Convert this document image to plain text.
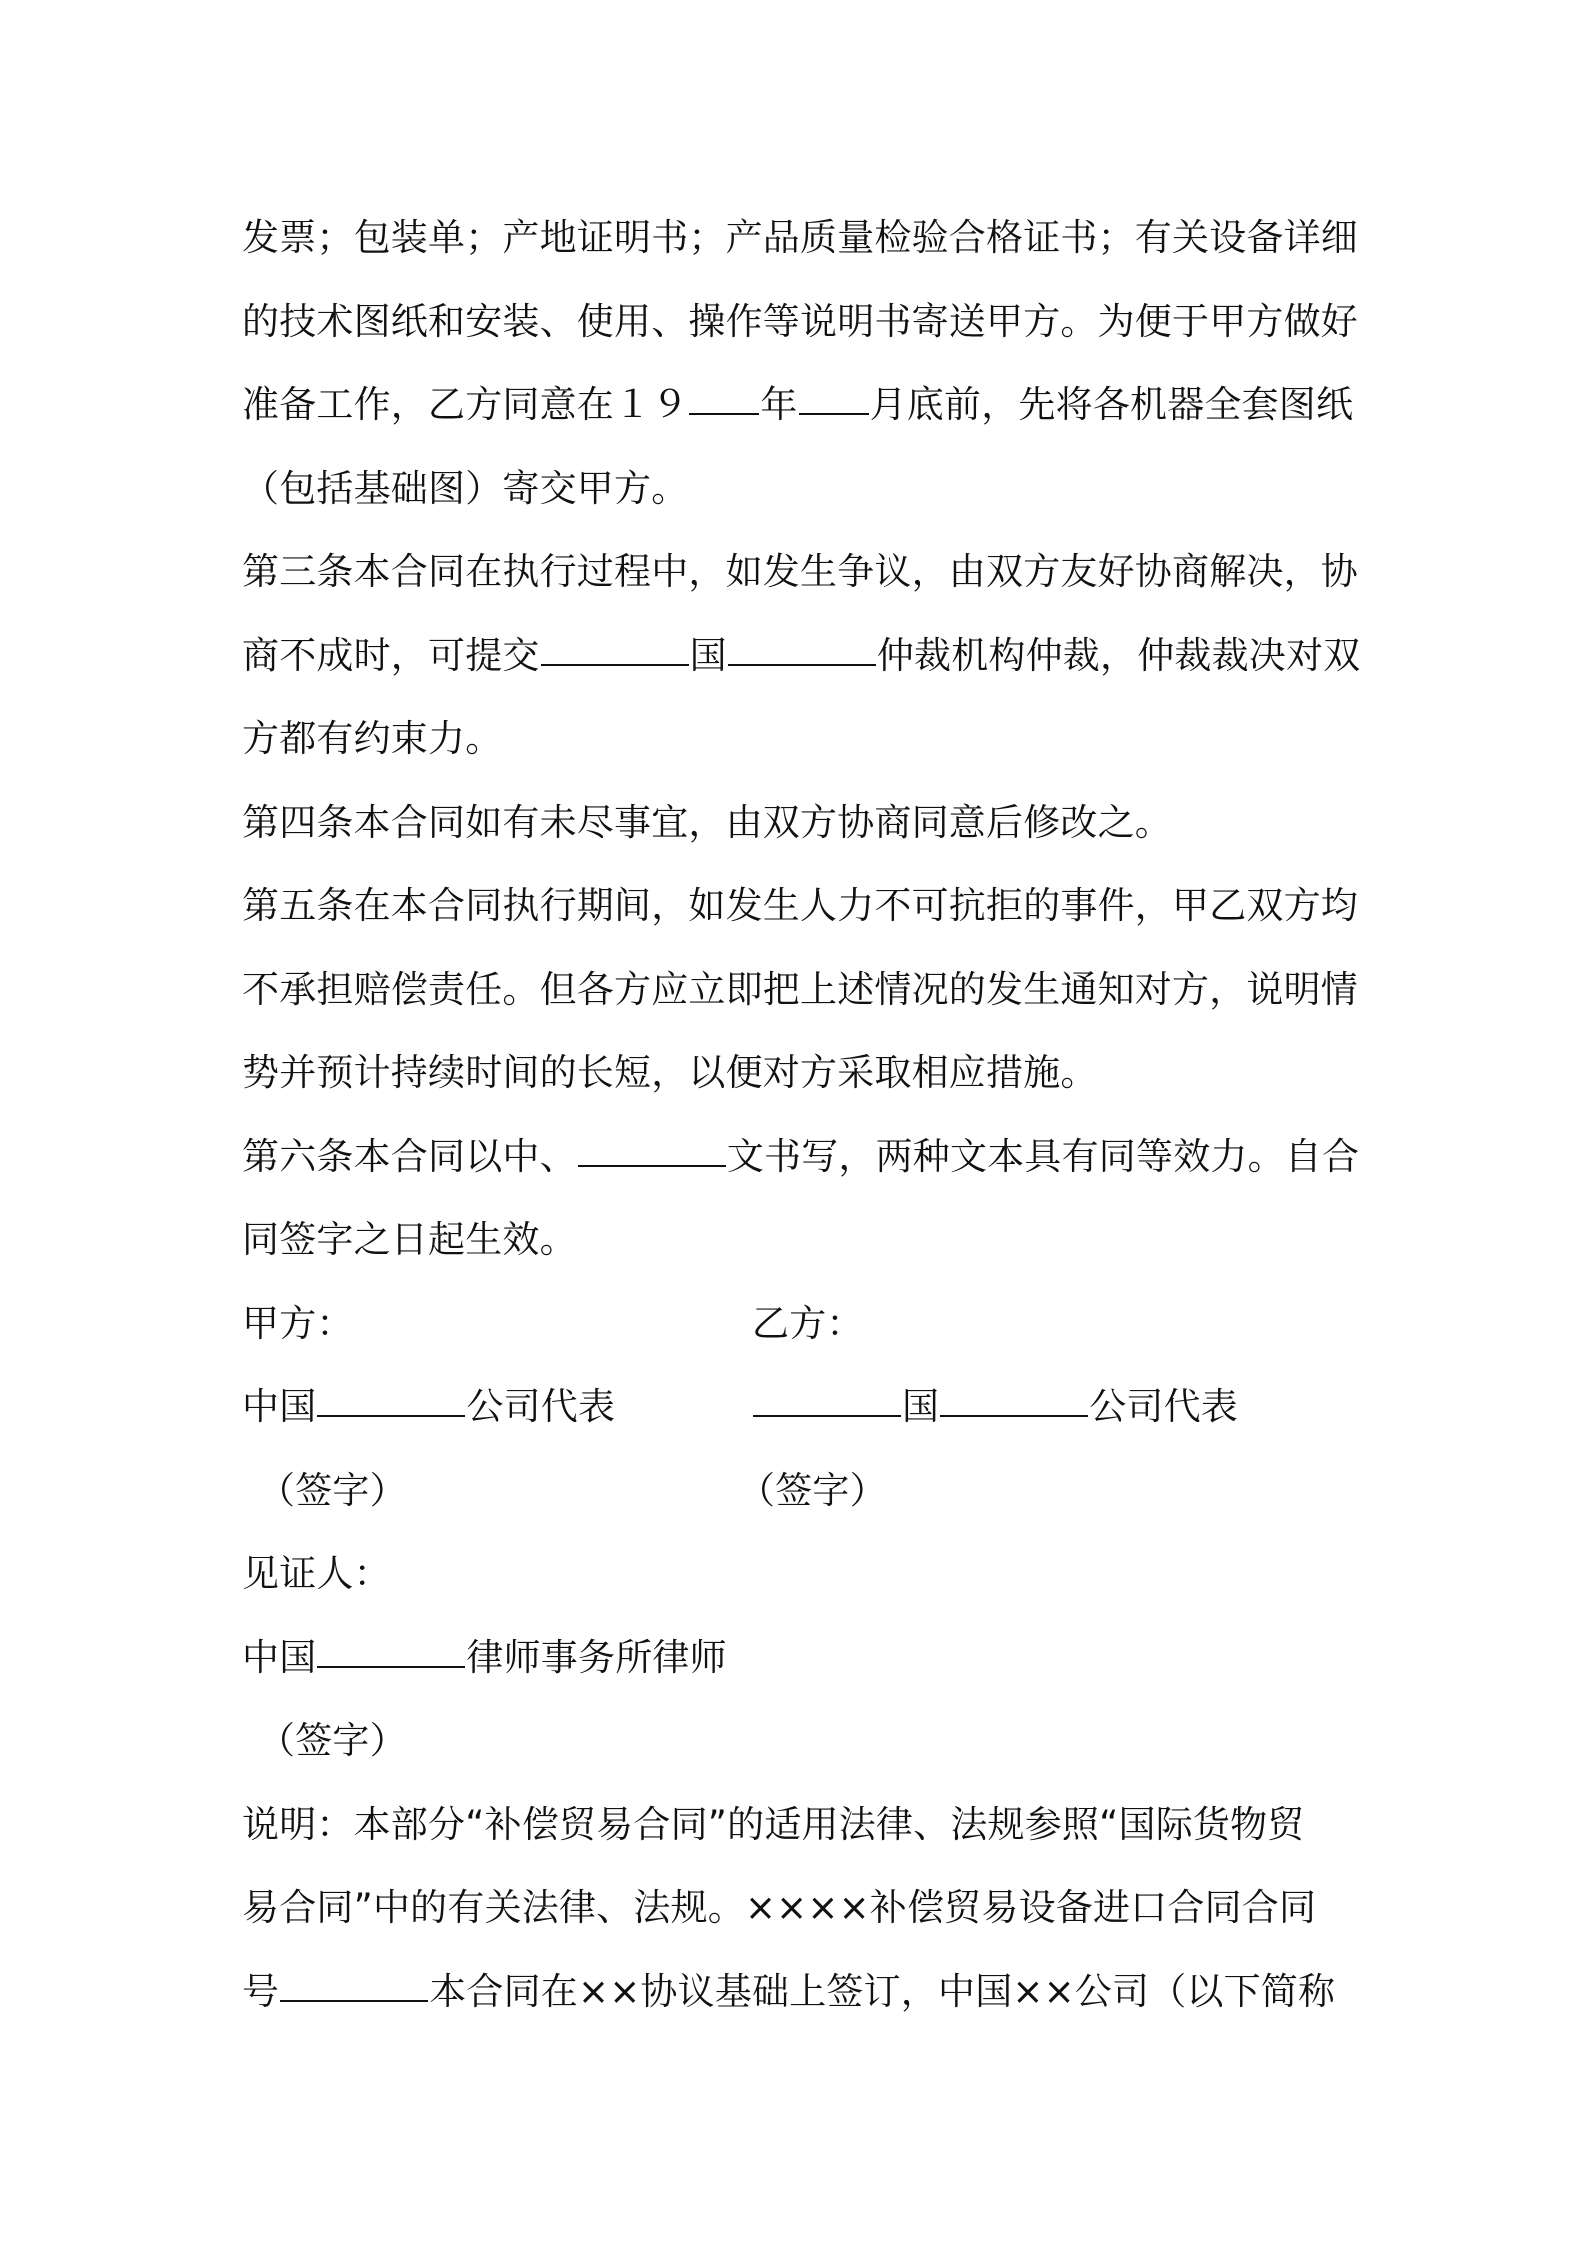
发票；包装单；产地证明书；产品质量检验合格证书；有关设备详细
的技术图纸和安装、使用、操作等说明书寄送甲方。为便于甲方做好
准备工作，乙方同意在１９ 年 月底前，先将各机器全套图纸
（包括基础图）寄交甲方。
第三条本合同在执行过程中，如发生争议，由双方友好协商解决，协
商不成时，可提交	国	仲裁机构仲裁，仲裁裁决对双
方都有约束力。
第四条本合同如有未尽事宜，由双方协商同意后修改之。
第五条在本合同执行期间，如发生人力不可抗拒的事件，甲乙双方均
不承担赔偿责任。但各方应立即把上述情况的发生通知对方，说明情
势并预计持续时间的长短，以便对方采取相应措施。
第六条本合同以中、	文书写，两种文本具有同等效力。自合
同签字之日起生效。
甲方：	乙方：
中国	公司代表	国	公司代表
（签字）	（签字）
见证人：
中国	律师事务所律师
（签字）
说明：本部分“补偿贸易合同”的适用法律、法规参照“国际货物贸
易合同”中的有关法律、法规。××××补偿贸易设备进口合同合同
号	本合同在××协议基础上签订，中国××公司（以下简称
